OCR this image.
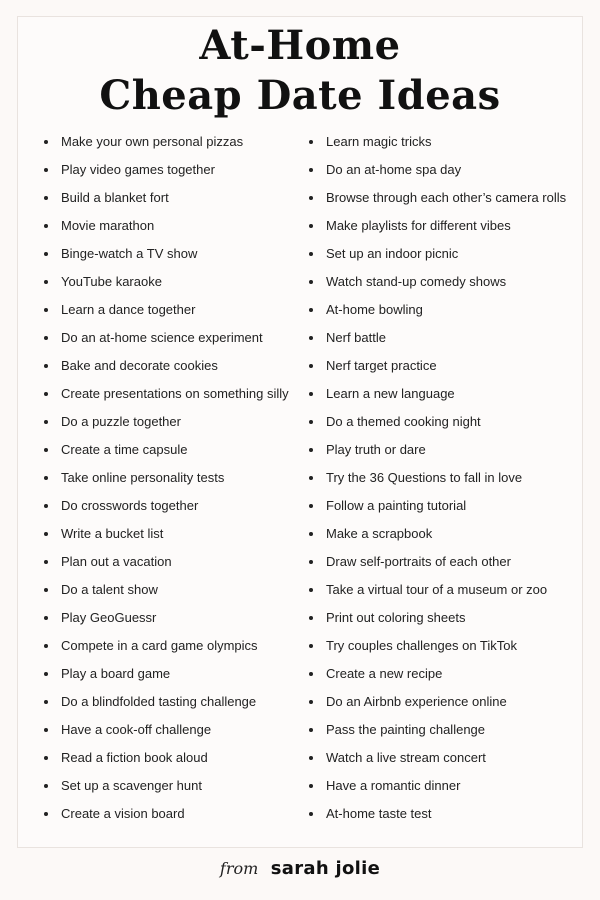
At-Home
Cheap Date Ideas
Make your own personal pizzas
Play video games together
Build a blanket fort
Movie marathon
Binge-watch a TV show
YouTube karaoke
Learn a dance together
Do an at-home science experiment
Bake and decorate cookies
Create presentations on something silly
Do a puzzle together
Create a time capsule
Take online personality tests
Do crosswords together
Write a bucket list
Plan out a vacation
Do a talent show
Play GeoGuessr
Compete in a card game olympics
Play a board game
Do a blindfolded tasting challenge
Have a cook-off challenge
Read a fiction book aloud
Set up a scavenger hunt
Create a vision board
Learn magic tricks
Do an at-home spa day
Browse through each other’s camera rolls
Make playlists for different vibes
Set up an indoor picnic
Watch stand-up comedy shows
At-home bowling
Nerf battle
Nerf target practice
Learn a new language
Do a themed cooking night
Play truth or dare
Try the 36 Questions to fall in love
Follow a painting tutorial
Make a scrapbook
Draw self-portraits of each other
Take a virtual tour of a museum or zoo
Print out coloring sheets
Try couples challenges on TikTok
Create a new recipe
Do an Airbnb experience online
Pass the painting challenge
Watch a live stream concert
Have a romantic dinner
At-home taste test
from sarah jolie
